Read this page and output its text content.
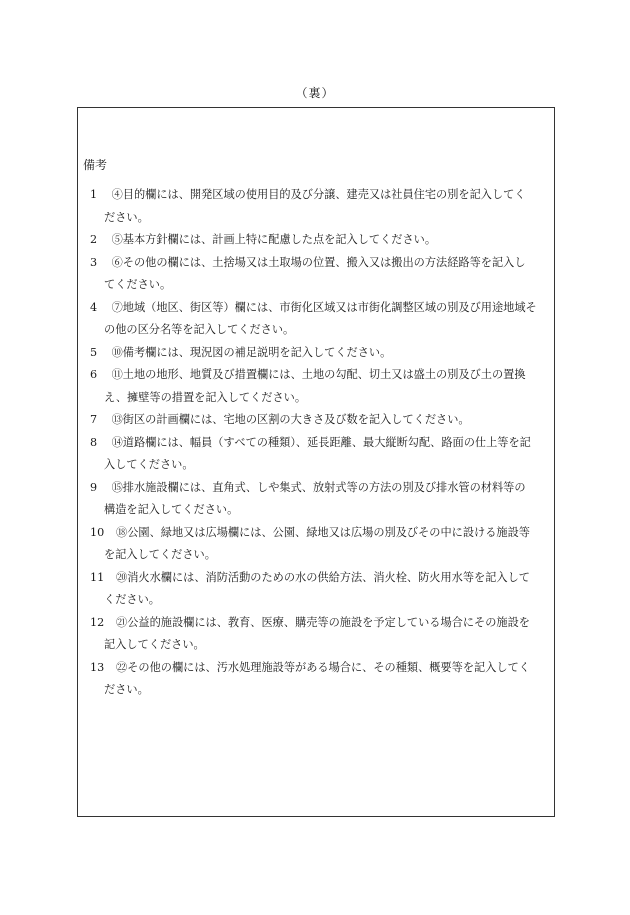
（裏）
備考
1 ④目的欄には、開発区域の使用目的及び分譲、建売又は社員住宅の別を記入してく
ださい。
2 ⑤基本方針欄には、計画上特に配慮した点を記入してください。
3 ⑥その他の欄には、土捨場又は土取場の位置、搬入又は搬出の方法経路等を記入し
てください。
4 ⑦地域（地区、街区等）欄には、市街化区域又は市街化調整区域の別及び用途地域そ
の他の区分名等を記入してください。
5 ⑩備考欄には、現況図の補足説明を記入してください。
6 ⑪土地の地形、地質及び措置欄には、土地の勾配、切土又は盛土の別及び土の置換
え、擁壁等の措置を記入してください。
7 ⑬街区の計画欄には、宅地の区割の大きさ及び数を記入してください。
8 ⑭道路欄には、幅員（すべての種類）、延長距離、最大縦断勾配、路面の仕上等を記
入してください。
9 ⑮排水施設欄には、直角式、しや集式、放射式等の方法の別及び排水管の材料等の
構造を記入してください。
10 ⑱公園、緑地又は広場欄には、公園、緑地又は広場の別及びその中に設ける施設等
を記入してください。
11 ⑳消火水欄には、消防活動のための水の供給方法、消火栓、防火用水等を記入して
ください。
12 ㉑公益的施設欄には、教育、医療、購売等の施設を予定している場合にその施設を
記入してください。
13 ㉒その他の欄には、汚水処理施設等がある場合に、その種類、概要等を記入してく
ださい。
